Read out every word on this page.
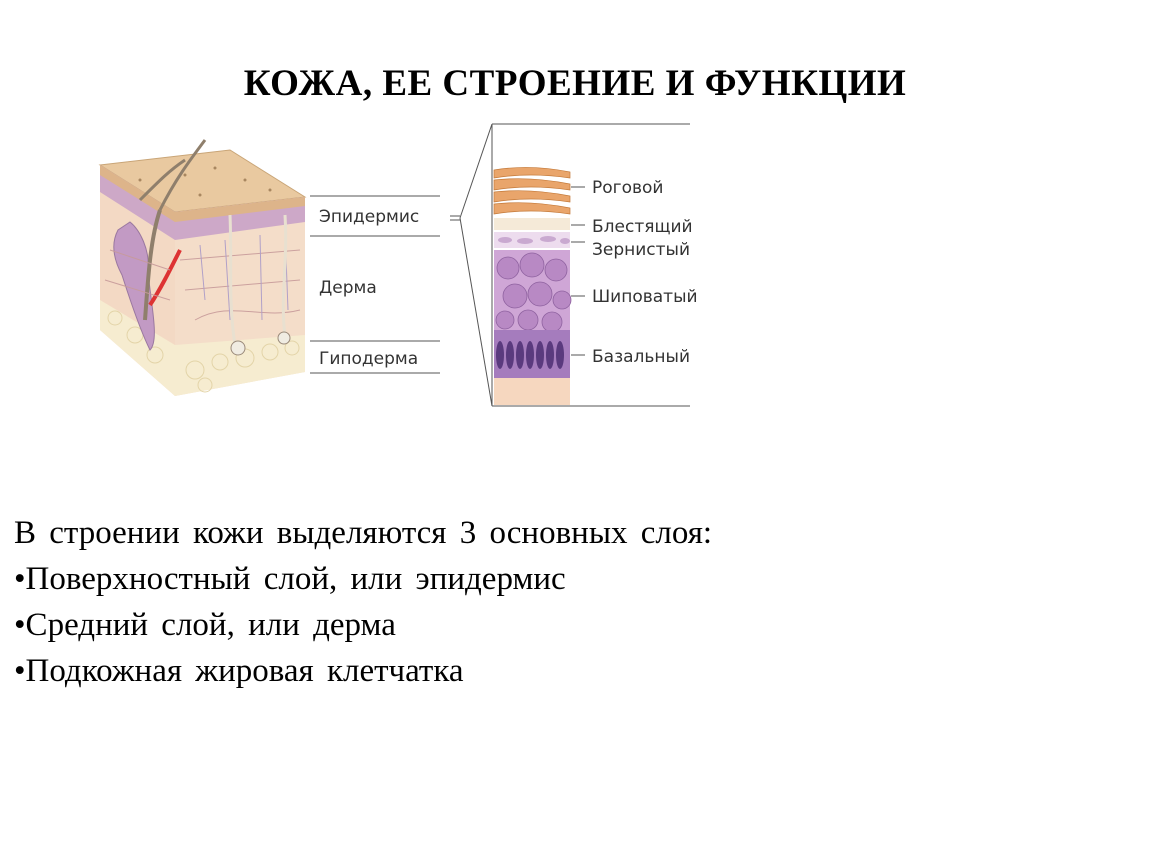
КОЖА, ЕЕ СТРОЕНИЕ И ФУНКЦИИ
Эпидермис
Дерма
Гиподерма
Роговой
Блестящий
Зернистый
Шиповатый
Базальный
В строении кожи выделяются 3 основных слоя:
•Поверхностный слой, или эпидермис
•Средний слой, или дерма
•Подкожная жировая клетчатка
